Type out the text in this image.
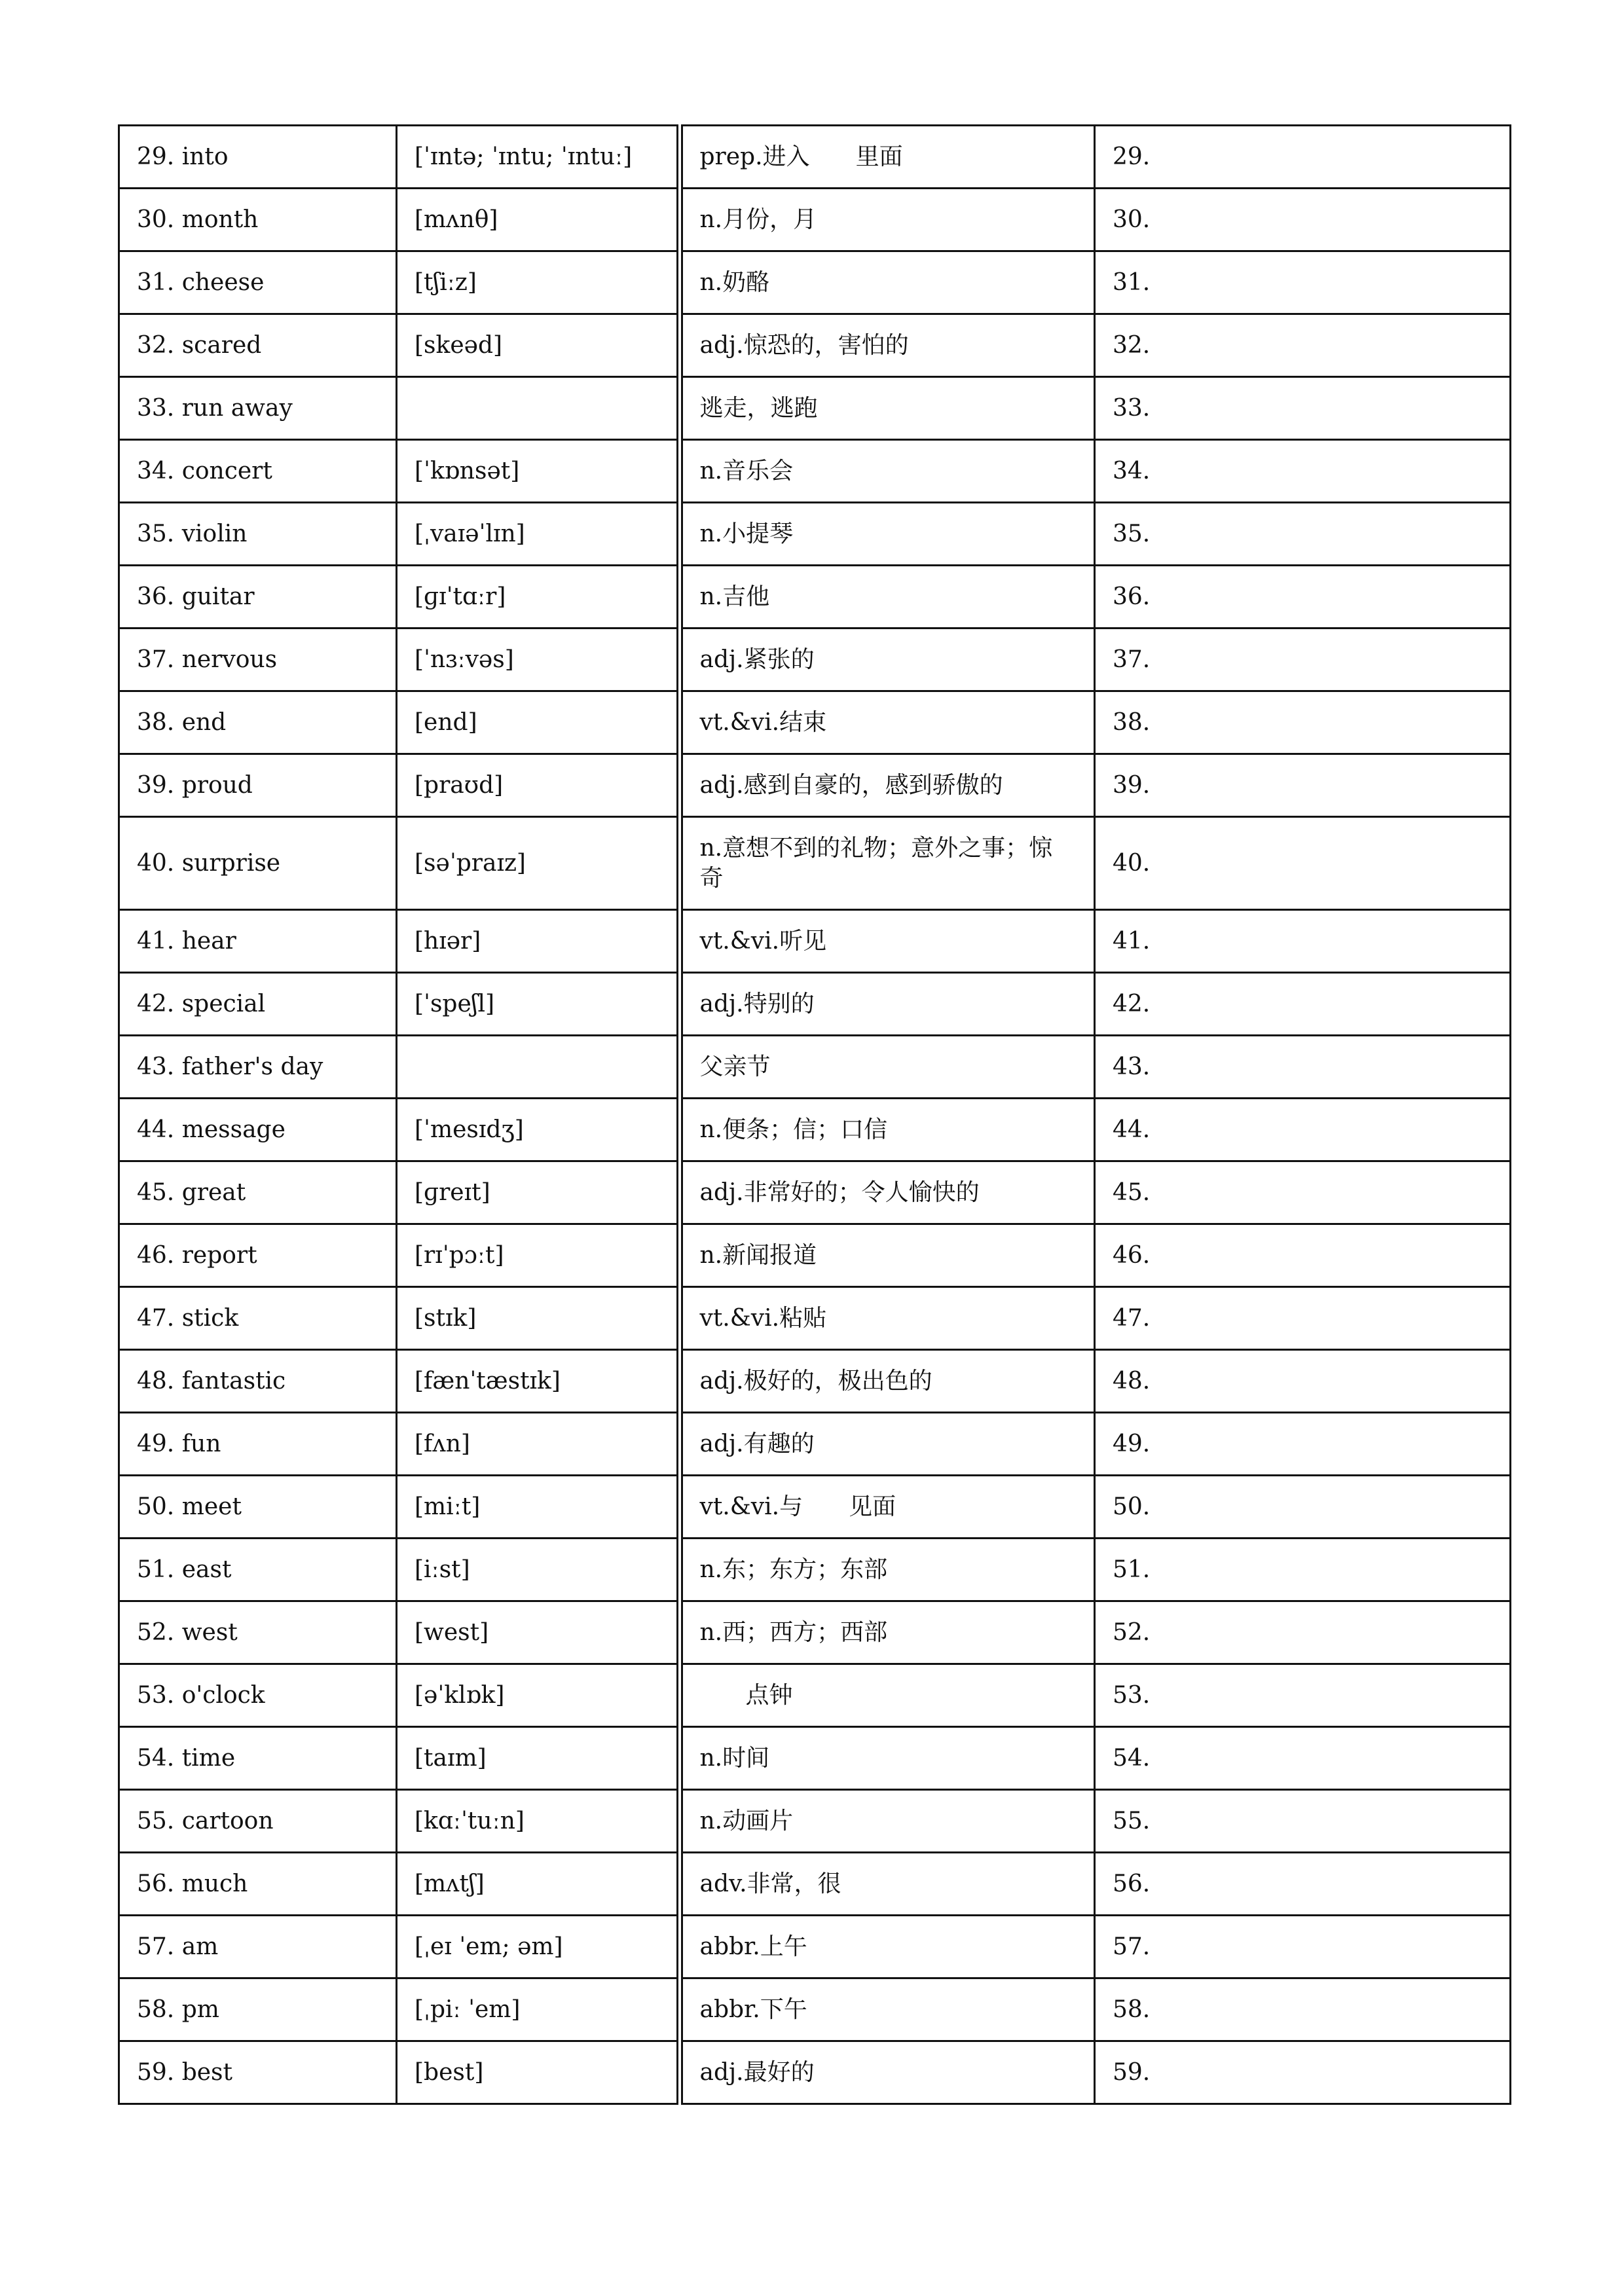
29. into	[ˈɪntə; ˈɪntu; ˈɪntuː]	prep.进入 里面	29.
30. month	[mʌnθ]	n.月份，月	30.
31. cheese	[tʃiːz]	n.奶酪	31.
32. scared	[skeəd]	adj.惊恐的，害怕的	32.
33. run away		逃走，逃跑	33.
34. concert	[ˈkɒnsət]	n.音乐会	34.
35. violin	[ˌvaɪəˈlɪn]	n.小提琴	35.
36. guitar	[ɡɪˈtɑːr]	n.吉他	36.
37. nervous	[ˈnɜːvəs]	adj.紧张的	37.
38. end	[end]	vt.&vi.结束	38.
39. proud	[praʊd]	adj.感到自豪的，感到骄傲的	39.
40. surprise	[səˈpraɪz]	n.意想不到的礼物；意外之事；惊奇	40.
41. hear	[hɪər]	vt.&vi.听见	41.
42. special	[ˈspeʃl]	adj.特别的	42.
43. father's day		父亲节	43.
44. message	[ˈmesɪdʒ]	n.便条；信；口信	44.
45. great	[ɡreɪt]	adj.非常好的；令人愉快的	45.
46. report	[rɪˈpɔːt]	n.新闻报道	46.
47. stick	[stɪk]	vt.&vi.粘贴	47.
48. fantastic	[fænˈtæstɪk]	adj.极好的，极出色的	48.
49. fun	[fʌn]	adj.有趣的	49.
50. meet	[miːt]	vt.&vi.与 见面	50.
51. east	[iːst]	n.东；东方；东部	51.
52. west	[west]	n.西；西方；西部	52.
53. o'clock	[əˈklɒk]	点钟	53.
54. time	[taɪm]	n.时间	54.
55. cartoon	[kɑːˈtuːn]	n.动画片	55.
56. much	[mʌtʃ]	adv.非常，很	56.
57. am	[ˌeɪ ˈem; əm]	abbr.上午	57.
58. pm	[ˌpiː ˈem]	abbr.下午	58.
59. best	[best]	adj.最好的	59.
